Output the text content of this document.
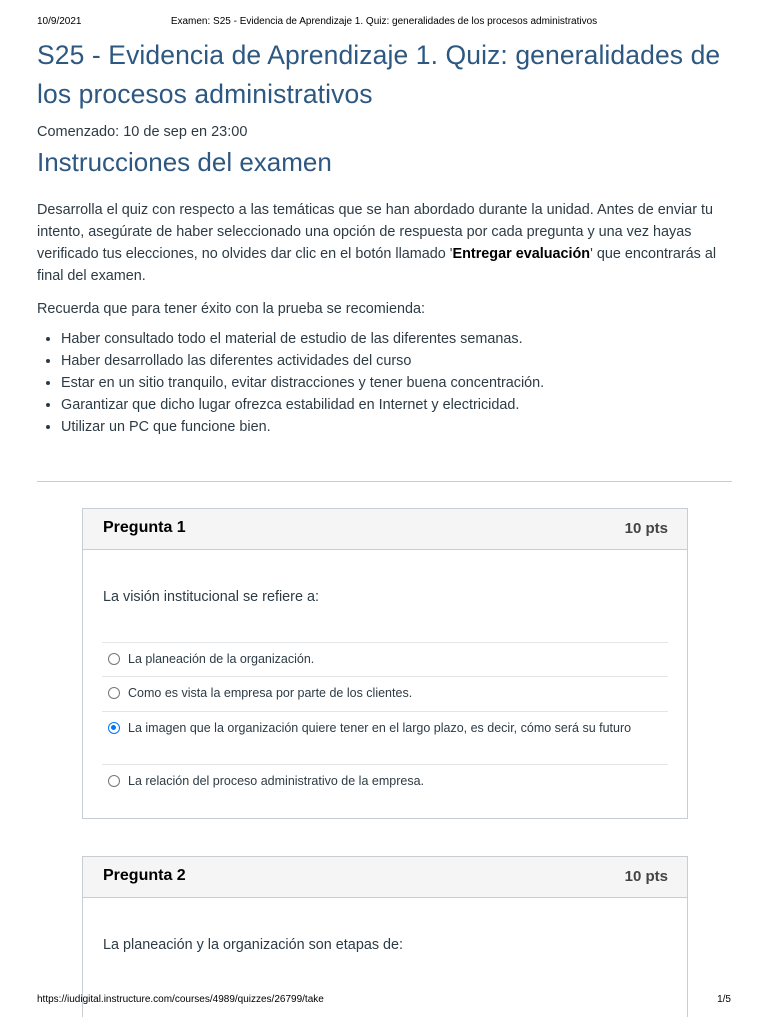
10/9/2021	Examen: S25 - Evidencia de Aprendizaje 1. Quiz: generalidades de los procesos administrativos
S25 - Evidencia de Aprendizaje 1. Quiz: generalidades de los procesos administrativos
Comenzado: 10 de sep en 23:00
Instrucciones del examen

Desarrolla el quiz con respecto a las temáticas que se han abordado durante la unidad. Antes de enviar tu intento, asegúrate de haber seleccionado una opción de respuesta por cada pregunta y una vez hayas verificado tus elecciones, no olvides dar clic en el botón llamado 'Entregar evaluación' que encontrarás al final del examen.

Recuerda que para tener éxito con la prueba se recomienda:

• Haber consultado todo el material de estudio de las diferentes semanas.
• Haber desarrollado las diferentes actividades del curso
• Estar en un sitio tranquilo, evitar distracciones y tener buena concentración.
• Garantizar que dicho lugar ofrezca estabilidad en Internet y electricidad.
• Utilizar un PC que funcione bien.
Pregunta 1	10 pts
La visión institucional se refiere a:
La planeación de la organización.
Como es vista la empresa por parte de los clientes.
La imagen que la organización quiere tener en el largo plazo, es decir, cómo será su futuro
La relación del proceso administrativo de la empresa.
Pregunta 2	10 pts
La planeación y la organización son etapas de:
https://iudigital.instructure.com/courses/4989/quizzes/26799/take	1/5
